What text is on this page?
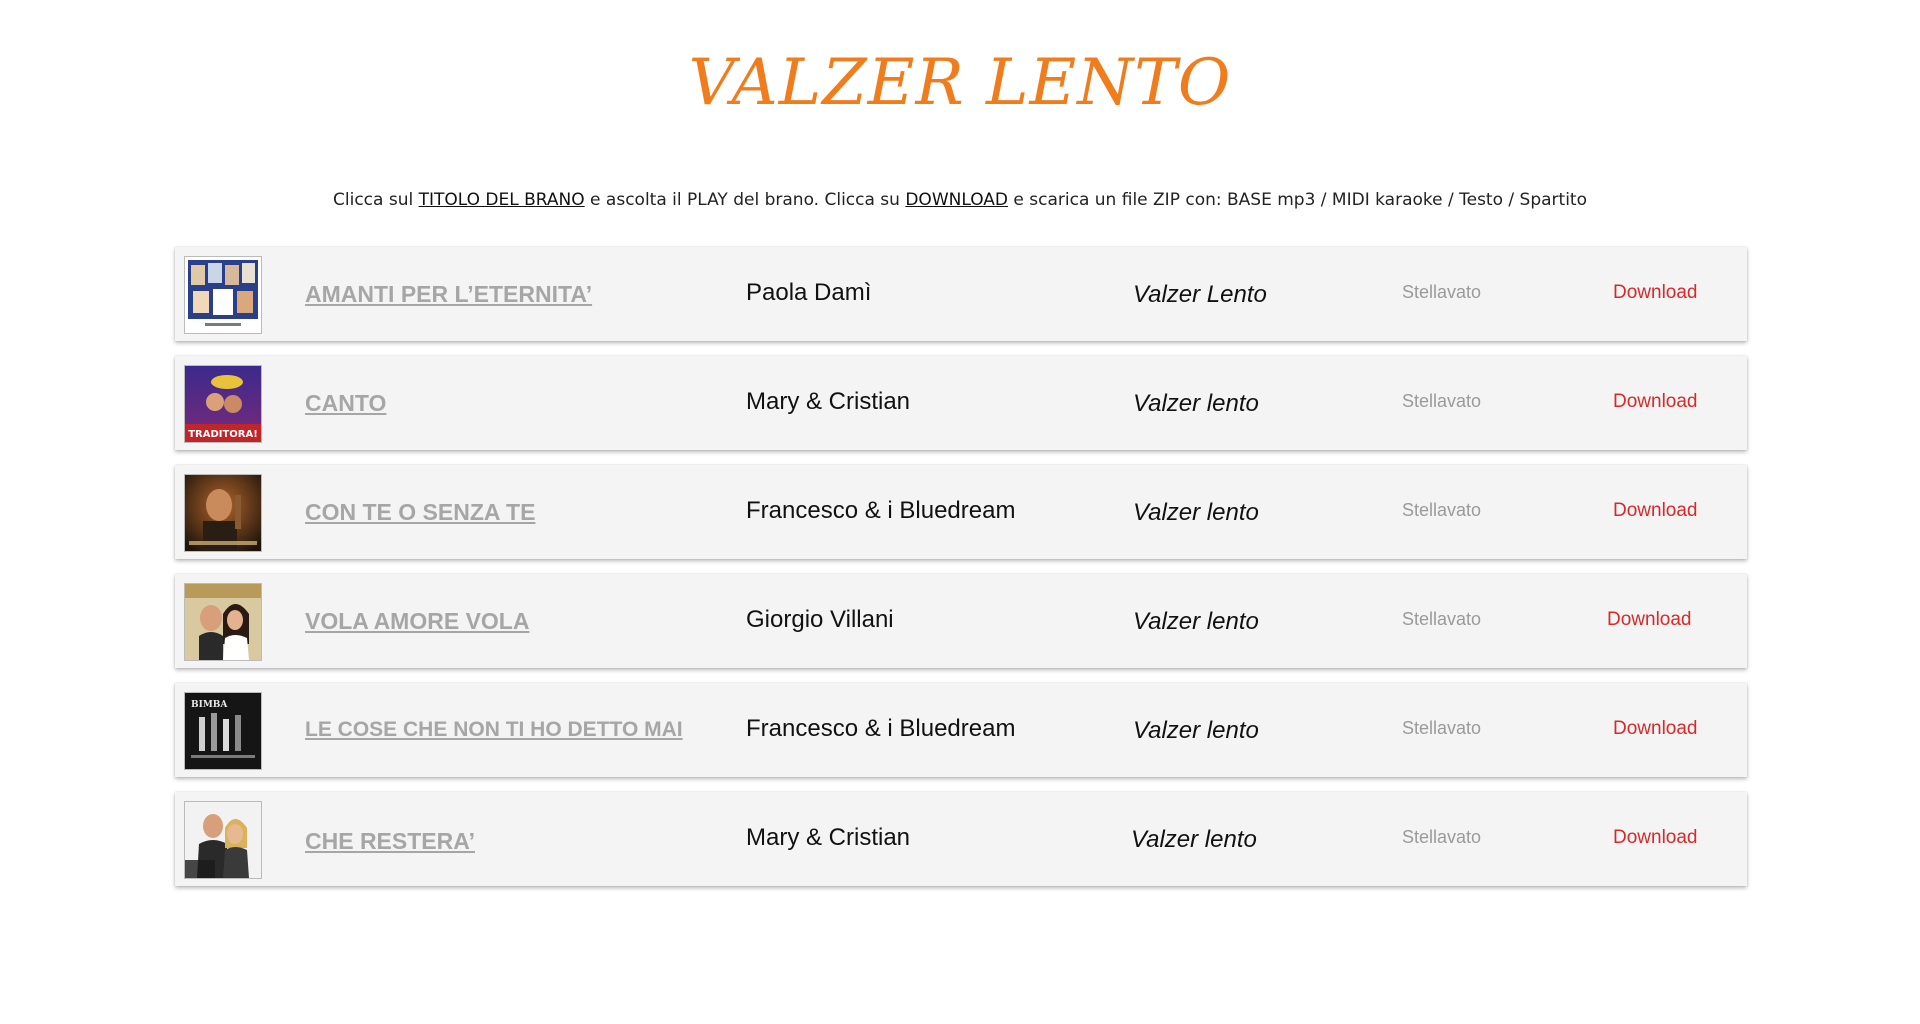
VALZER LENTO
Clicca sul TITOLO DEL BRANO e ascolta il PLAY del brano. Clicca su DOWNLOAD e scarica un file ZIP con: BASE mp3 / MIDI karaoke / Testo / Spartito
AMANTI PER L’ETERNITA’	Paola Damì	Valzer Lento	Stellavato	Download
TRADITORA!
CANTO	Mary & Cristian	Valzer lento	Stellavato	Download
CON TE O SENZA TE	Francesco & i Bluedream	Valzer lento	Stellavato	Download
VOLA AMORE VOLA	Giorgio Villani	Valzer lento	Stellavato	Download
BIMBA
LE COSE CHE NON TI HO DETTO MAI	Francesco & i Bluedream	Valzer lento	Stellavato	Download
CHE RESTERA’	Mary & Cristian	Valzer lento	Stellavato	Download
